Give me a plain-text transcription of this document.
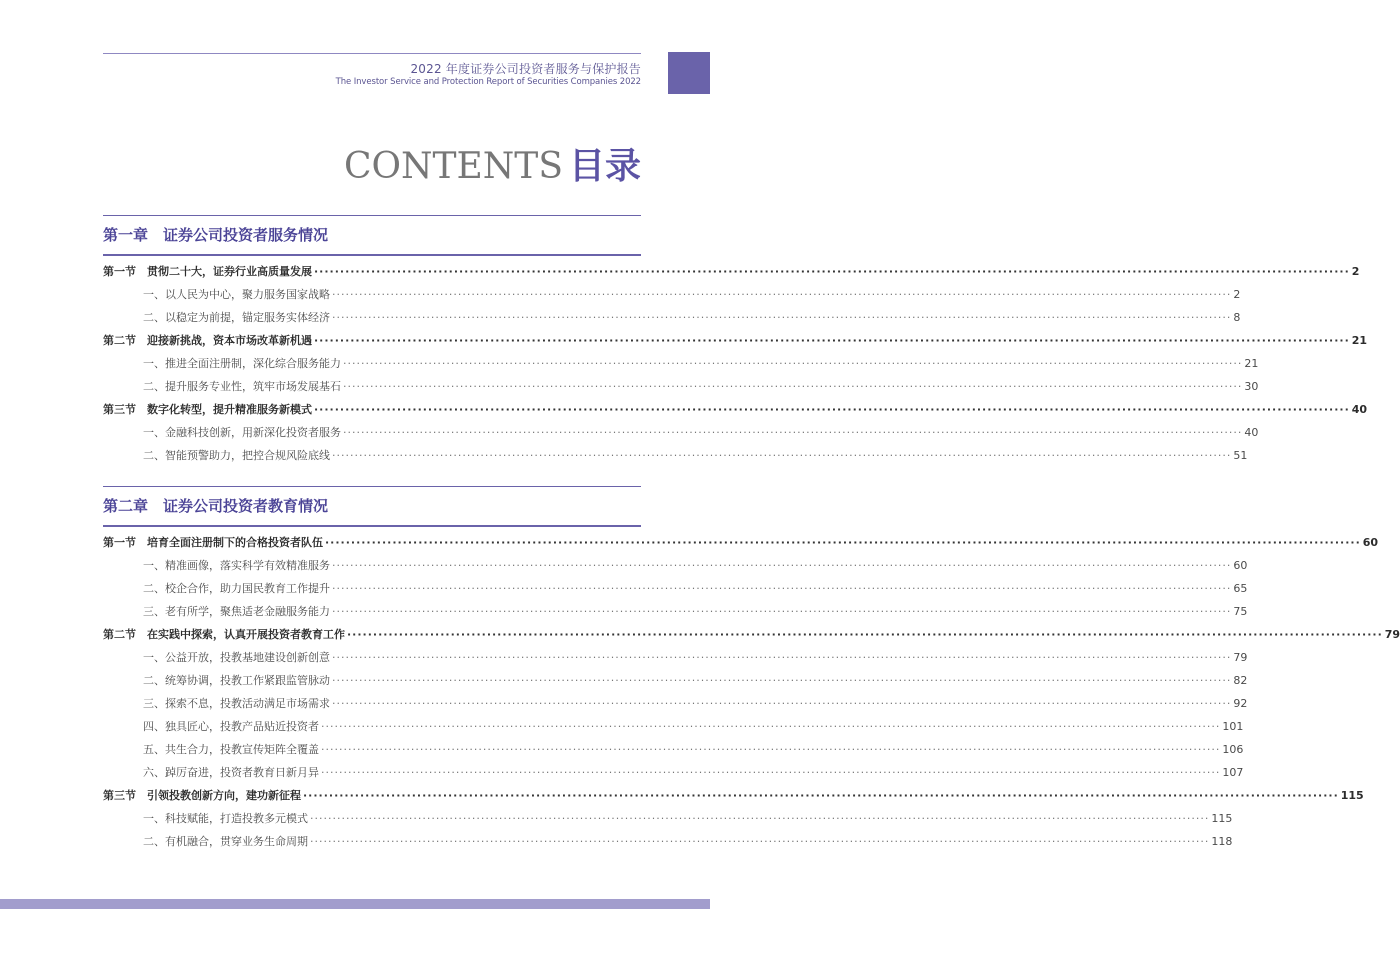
2022 年度证券公司投资者服务与保护报告
The Investor Service and Protection Report of Securities Companies 2022
CONTENTS 目录
第一章　证券公司投资者服务情况
第一节	贯彻二十大，证券行业高质量发展 ········································································································································································································ 2
一、以人民为中心，聚力服务国家战略 ········································································································································································································ 2
二、以稳定为前提，锚定服务实体经济 ········································································································································································································ 8
第二节	迎接新挑战，资本市场改革新机遇 ········································································································································································································ 21
一、推进全面注册制，深化综合服务能力 ········································································································································································································ 21
二、提升服务专业性，筑牢市场发展基石 ········································································································································································································ 30
第三节	数字化转型，提升精准服务新模式 ········································································································································································································ 40
一、金融科技创新，用新深化投资者服务 ········································································································································································································ 40
二、智能预警助力，把控合规风险底线 ········································································································································································································ 51
第二章　证券公司投资者教育情况
第一节	培育全面注册制下的合格投资者队伍 ········································································································································································································ 60
一、精准画像，落实科学有效精准服务 ········································································································································································································ 60
二、校企合作，助力国民教育工作提升 ········································································································································································································ 65
三、老有所学，聚焦适老金融服务能力 ········································································································································································································ 75
第二节	在实践中探索，认真开展投资者教育工作 ········································································································································································································ 79
一、公益开放，投教基地建设创新创意 ········································································································································································································ 79
二、统筹协调，投教工作紧跟监管脉动 ········································································································································································································ 82
三、探索不息，投教活动满足市场需求 ········································································································································································································ 92
四、独具匠心，投教产品贴近投资者 ········································································································································································································ 101
五、共生合力，投教宣传矩阵全覆盖 ········································································································································································································ 106
六、踔厉奋进，投资者教育日新月异 ········································································································································································································ 107
第三节	引领投教创新方向，建功新征程 ········································································································································································································ 115
一、科技赋能，打造投教多元模式 ········································································································································································································ 115
二、有机融合，贯穿业务生命周期 ········································································································································································································ 118
